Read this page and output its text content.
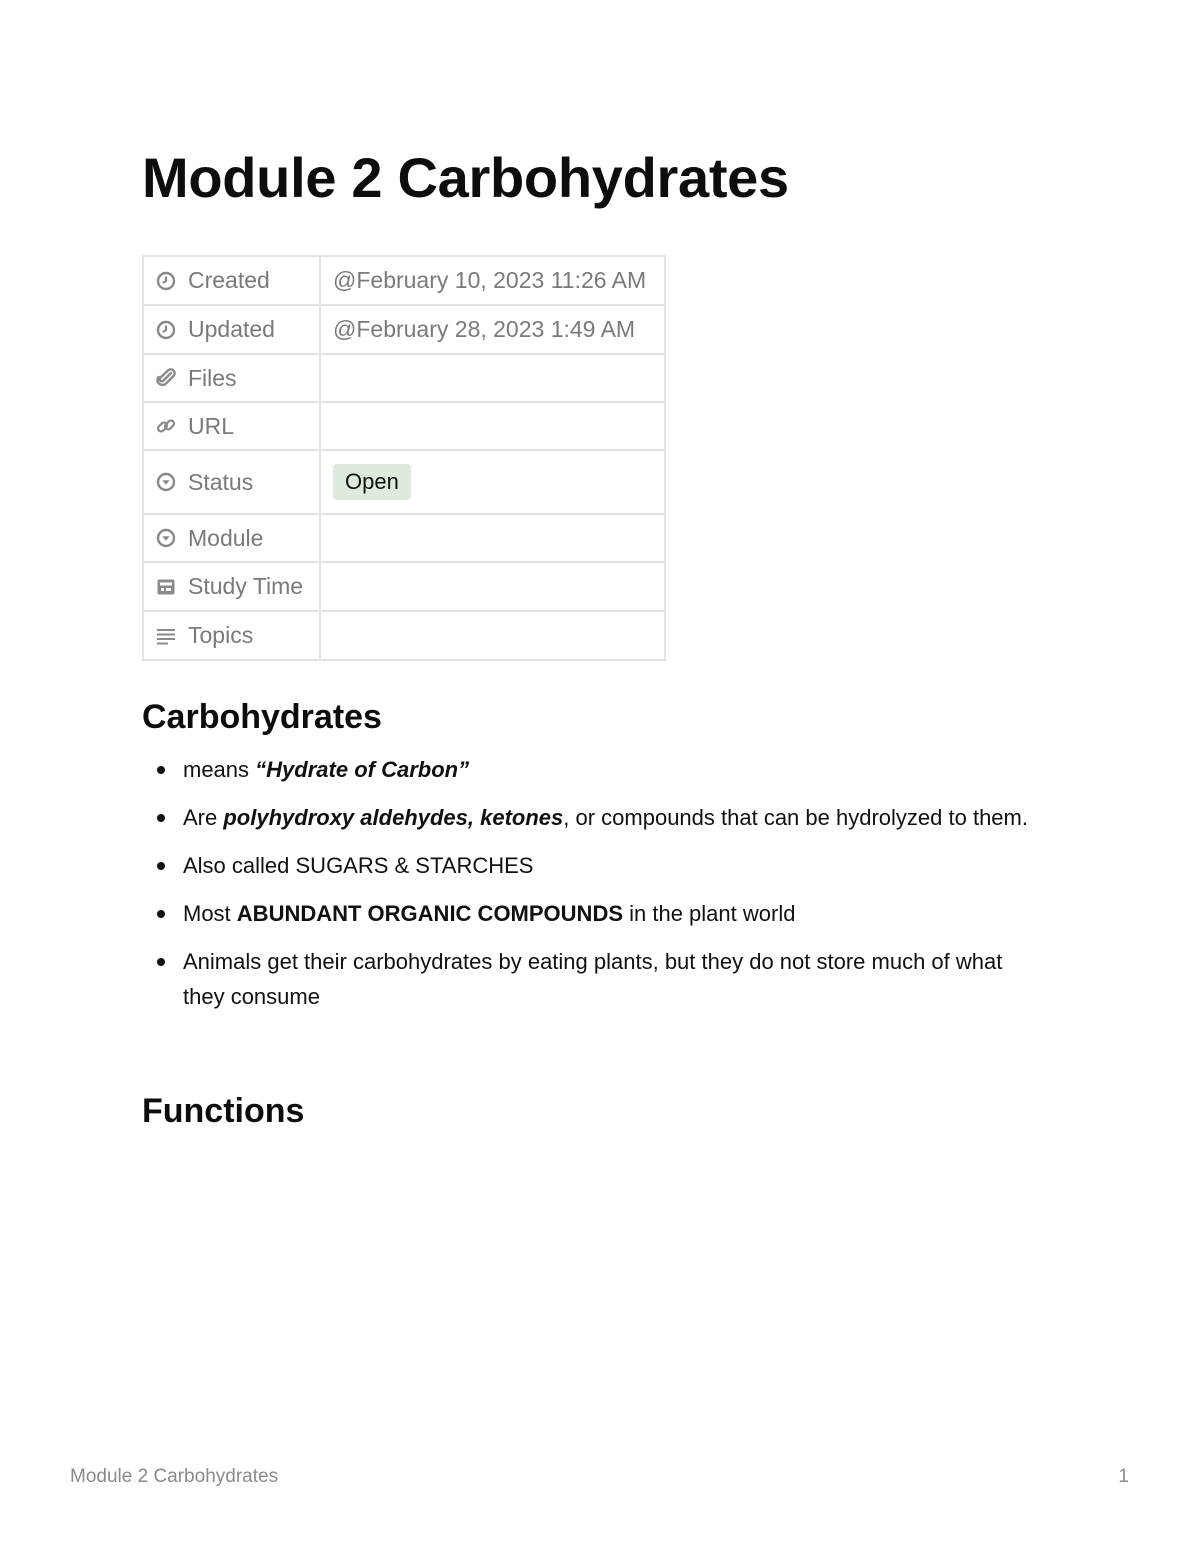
Module 2 Carbohydrates
Created	@February 10, 2023 11:26 AM

Updated	@February 28, 2023 1:49 AM

Files	

URL	

Status	Open

Module	

Study Time	

Topics	

Carbohydrates
means “Hydrate of Carbon”
Are polyhydroxy aldehydes, ketones, or compounds that can be hydrolyzed to them.
Also called SUGARS & STARCHES
Most ABUNDANT ORGANIC COMPOUNDS in the plant world
Animals get their carbohydrates by eating plants, but they do not store much of what they consume
Functions
Module 2 Carbohydrates	1
